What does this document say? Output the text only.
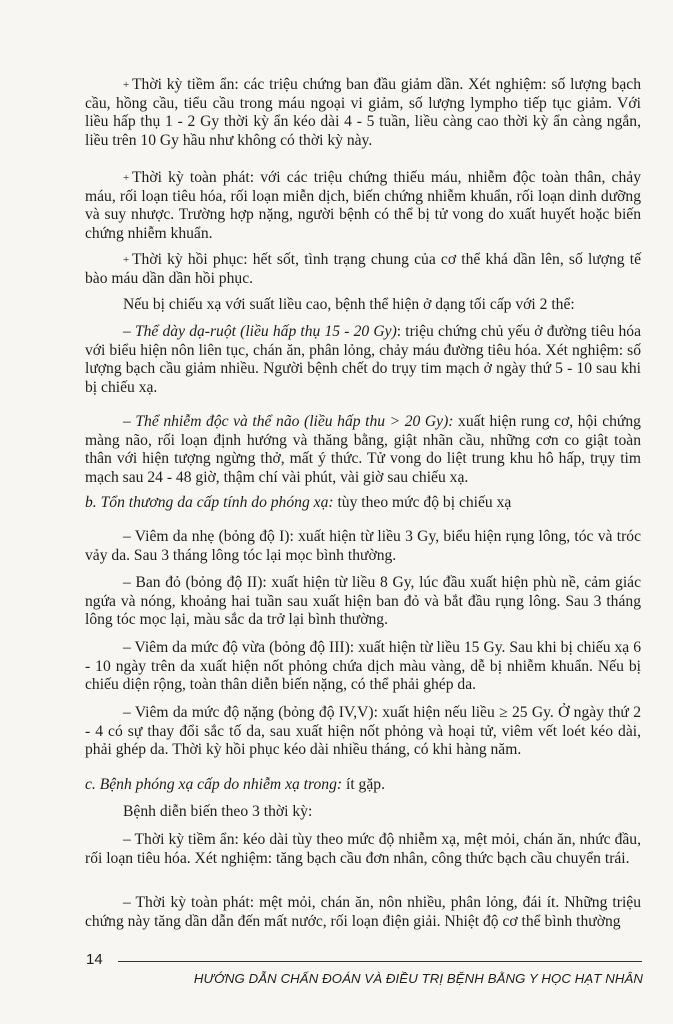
+ Thời kỳ tiềm ẩn: các triệu chứng ban đầu giảm dần. Xét nghiệm: số lượng bạch cầu, hồng cầu, tiểu cầu trong máu ngoại vi giảm, số lượng lympho tiếp tục giảm. Với liều hấp thụ 1 - 2 Gy thời kỳ ẩn kéo dài 4 - 5 tuần, liều càng cao thời kỳ ẩn càng ngắn, liều trên 10 Gy hầu như không có thời kỳ này.

+ Thời kỳ toàn phát: với các triệu chứng thiếu máu, nhiễm độc toàn thân, chảy máu, rối loạn tiêu hóa, rối loạn miễn dịch, biến chứng nhiễm khuẩn, rối loạn dinh dưỡng và suy nhược. Trường hợp nặng, người bệnh có thể bị tử vong do xuất huyết hoặc biến chứng nhiễm khuẩn.

+ Thời kỳ hồi phục: hết sốt, tình trạng chung của cơ thể khá dần lên, số lượng tế bào máu dần dần hồi phục.

Nếu bị chiếu xạ với suất liều cao, bệnh thể hiện ở dạng tối cấp với 2 thể:

– Thể dày dạ-ruột (liều hấp thụ 15 - 20 Gy): triệu chứng chủ yếu ở đường tiêu hóa với biểu hiện nôn liên tục, chán ăn, phân lỏng, chảy máu đường tiêu hóa. Xét nghiệm: số lượng bạch cầu giảm nhiều. Người bệnh chết do trụy tim mạch ở ngày thứ 5 - 10 sau khi bị chiếu xạ.

– Thể nhiễm độc và thể não (liều hấp thu > 20 Gy): xuất hiện rung cơ, hội chứng màng não, rối loạn định hướng và thăng bằng, giật nhãn cầu, những cơn co giật toàn thân với hiện tượng ngừng thở, mất ý thức. Tử vong do liệt trung khu hô hấp, trụy tim mạch sau 24 - 48 giờ, thậm chí vài phút, vài giờ sau chiếu xạ.

b. Tổn thương da cấp tính do phóng xạ: tùy theo mức độ bị chiếu xạ

– Viêm da nhẹ (bỏng độ I): xuất hiện từ liều 3 Gy, biểu hiện rụng lông, tóc và tróc vảy da. Sau 3 tháng lông tóc lại mọc bình thường.

– Ban đỏ (bỏng độ II): xuất hiện từ liều 8 Gy, lúc đầu xuất hiện phù nề, cảm giác ngứa và nóng, khoảng hai tuần sau xuất hiện ban đỏ và bắt đầu rụng lông. Sau 3 tháng lông tóc mọc lại, màu sắc da trở lại bình thường.

– Viêm da mức độ vừa (bỏng độ III): xuất hiện từ liều 15 Gy. Sau khi bị chiếu xạ 6 - 10 ngày trên da xuất hiện nốt phỏng chứa dịch màu vàng, dễ bị nhiễm khuẩn. Nếu bị chiếu diện rộng, toàn thân diễn biến nặng, có thể phải ghép da.

– Viêm da mức độ nặng (bỏng độ IV,V): xuất hiện nếu liều ≥ 25 Gy. Ở ngày thứ 2 - 4 có sự thay đổi sắc tố da, sau xuất hiện nốt phỏng và hoại tử, viêm vết loét kéo dài, phải ghép da. Thời kỳ hồi phục kéo dài nhiều tháng, có khi hàng năm.

c. Bệnh phóng xạ cấp do nhiễm xạ trong: ít gặp.

Bệnh diễn biến theo 3 thời kỳ:

– Thời kỳ tiềm ẩn: kéo dài tùy theo mức độ nhiễm xạ, mệt mỏi, chán ăn, nhức đầu, rối loạn tiêu hóa. Xét nghiệm: tăng bạch cầu đơn nhân, công thức bạch cầu chuyển trái.

– Thời kỳ toàn phát: mệt mỏi, chán ăn, nôn nhiều, phân lỏng, đái ít. Những triệu chứng này tăng dần dẫn đến mất nước, rối loạn điện giải. Nhiệt độ cơ thể bình thường

14
HƯỚNG DẪN CHẨN ĐOÁN VÀ ĐIỀU TRỊ BỆNH BẰNG Y HỌC HẠT NHÂN
